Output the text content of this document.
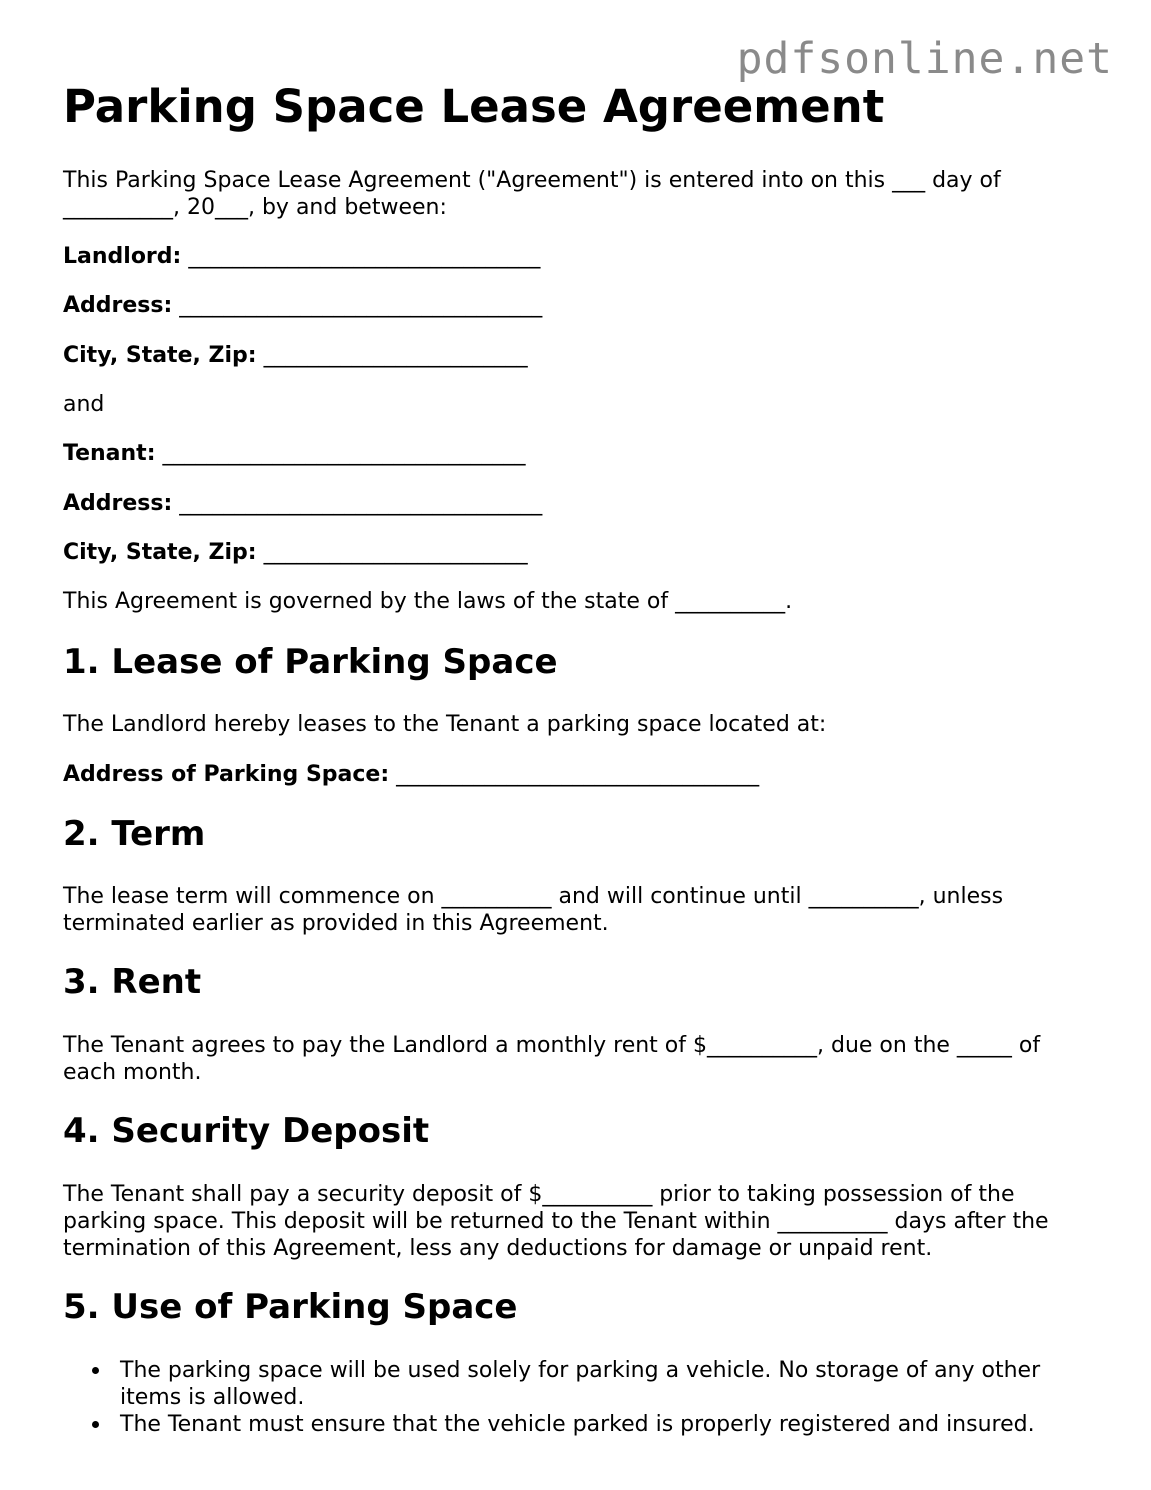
pdfsonline.net
Parking Space Lease Agreement

This Parking Space Lease Agreement ("Agreement") is entered into on this ___ day of __________, 20___, by and between:

Landlord: ________________________________

Address: _________________________________

City, State, Zip: ________________________

and

Tenant: _________________________________

Address: _________________________________

City, State, Zip: ________________________

This Agreement is governed by the laws of the state of __________.

1. Lease of Parking Space

The Landlord hereby leases to the Tenant a parking space located at:

Address of Parking Space: _________________________________

2. Term

The lease term will commence on __________ and will continue until __________, unless terminated earlier as provided in this Agreement.

3. Rent

The Tenant agrees to pay the Landlord a monthly rent of $__________, due on the _____ of each month.

4. Security Deposit

The Tenant shall pay a security deposit of $__________ prior to taking possession of the parking space. This deposit will be returned to the Tenant within __________ days after the termination of this Agreement, less any deductions for damage or unpaid rent.

5. Use of Parking Space
The parking space will be used solely for parking a vehicle. No storage of any other items is allowed.
The Tenant must ensure that the vehicle parked is properly registered and insured.
